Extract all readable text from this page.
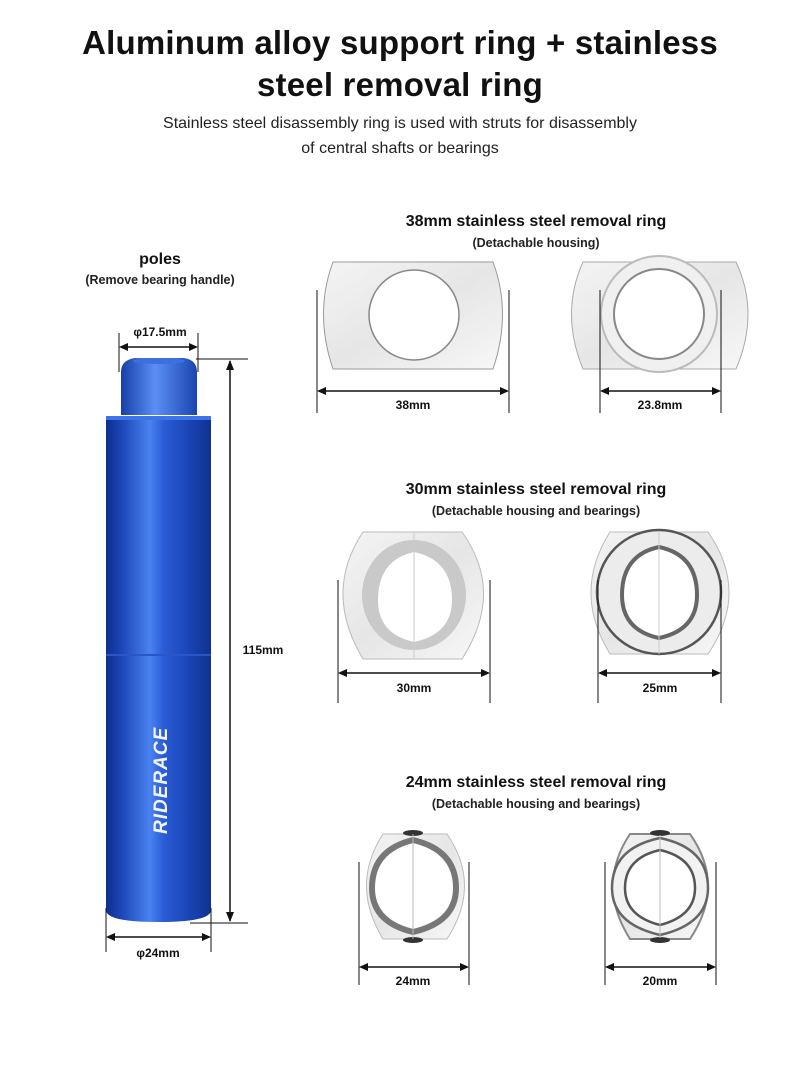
Aluminum alloy support ring + stainless
steel removal ring
Stainless steel disassembly ring is used with struts for disassembly
of central shafts or bearings
poles
(Remove bearing handle)
φ17.5mm
RIDERACE
115mm
φ24mm
38mm stainless steel removal ring
(Detachable housing)
38mm	23.8mm
30mm stainless steel removal ring
(Detachable housing and bearings)
30mm	25mm
24mm stainless steel removal ring
(Detachable housing and bearings)
24mm	20mm
